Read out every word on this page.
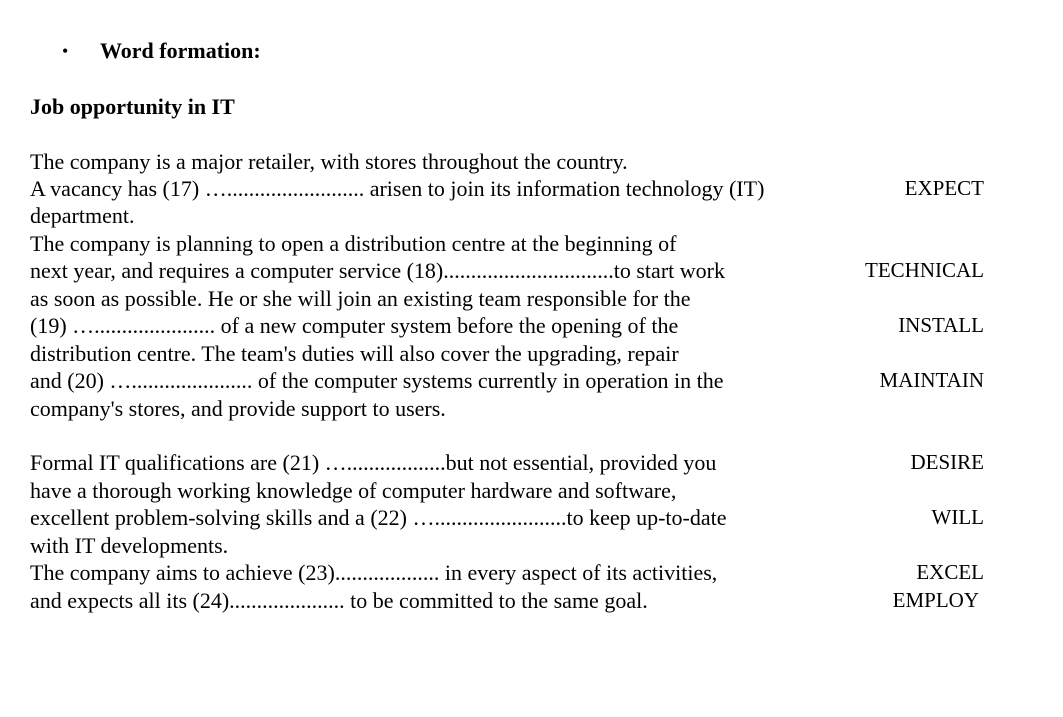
•	Word formation:
Job opportunity in IT
The company is a major retailer, with stores throughout the country.
A vacancy has (17) …......................... arisen to join its information technology (IT)
department.
The company is planning to open a distribution centre at the beginning of
next year, and requires a computer service (18)...............................to start work
as soon as possible. He or she will join an existing team responsible for the
(19) …...................... of a new computer system before the opening of the
distribution centre. The team's duties will also cover the upgrading, repair
and (20) …...................... of the computer systems currently in operation in the
company's stores, and provide support to users.
Formal IT qualifications are (21) …..................but not essential, provided you
have a thorough working knowledge of computer hardware and software,
excellent problem-solving skills and a (22) …........................to keep up-to-date
with IT developments.
The company aims to achieve (23)................... in every aspect of its activities,
and expects all its (24)..................... to be committed to the same goal.
EXPECT
TECHNICAL
INSTALL
MAINTAIN
DESIRE
WILL
EXCEL
EMPLOY
